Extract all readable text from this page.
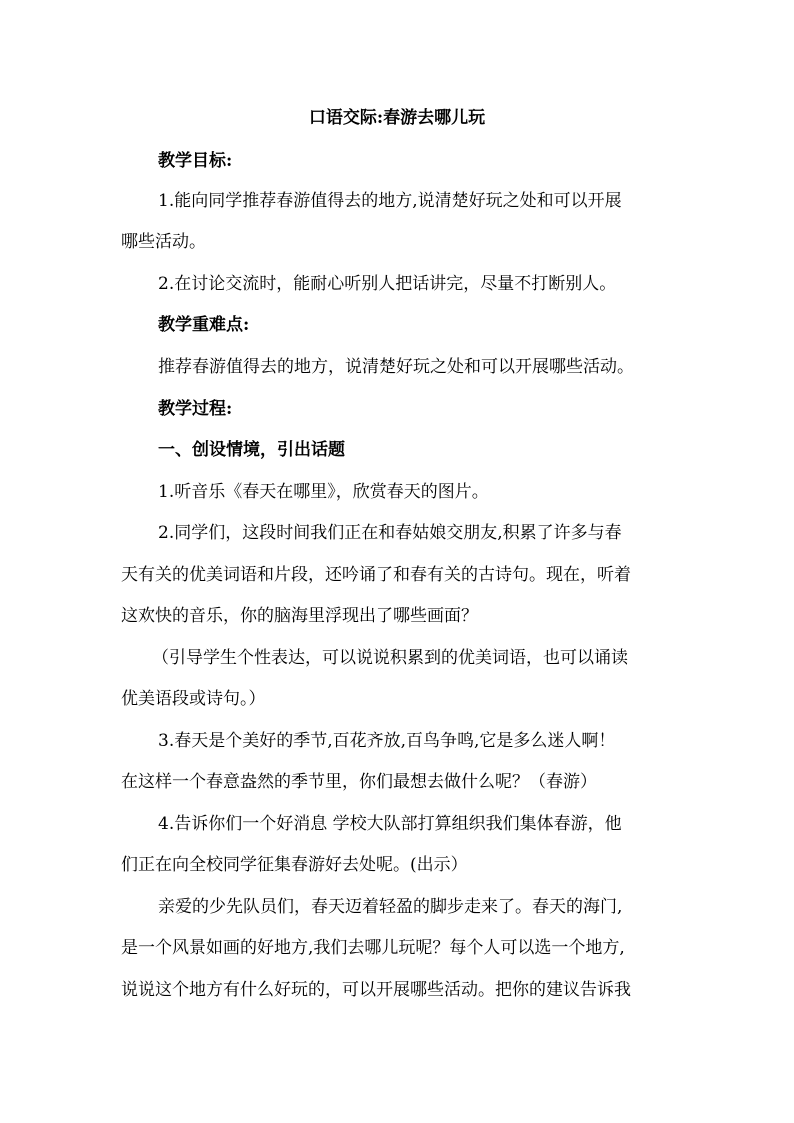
口语交际:春游去哪儿玩
教学目标:
1.能向同学推荐春游值得去的地方,说清楚好玩之处和可以开展
哪些活动。
2.在讨论交流时，能耐心听别人把话讲完，尽量不打断别人。
教学重难点:
推荐春游值得去的地方，说清楚好玩之处和可以开展哪些活动。
教学过程:
一、创设情境，引出话题
1.听音乐《春天在哪里》，欣赏春天的图片。
2.同学们，这段时间我们正在和春姑娘交朋友,积累了许多与春
天有关的优美词语和片段，还吟诵了和春有关的古诗句。现在，听着
这欢快的音乐，你的脑海里浮现出了哪些画面？
（引导学生个性表达，可以说说积累到的优美词语，也可以诵读
优美语段或诗句。）
3.春天是个美好的季节,百花齐放,百鸟争鸣,它是多么迷人啊！
在这样一个春意盎然的季节里，你们最想去做什么呢？（春游）
4.告诉你们一个好消息 学校大队部打算组织我们集体春游，他
们正在向全校同学征集春游好去处呢。(出示）
亲爱的少先队员们，春天迈着轻盈的脚步走来了。春天的海门,
是一个风景如画的好地方,我们去哪儿玩呢？每个人可以选一个地方,
说说这个地方有什么好玩的，可以开展哪些活动。把你的建议告诉我
